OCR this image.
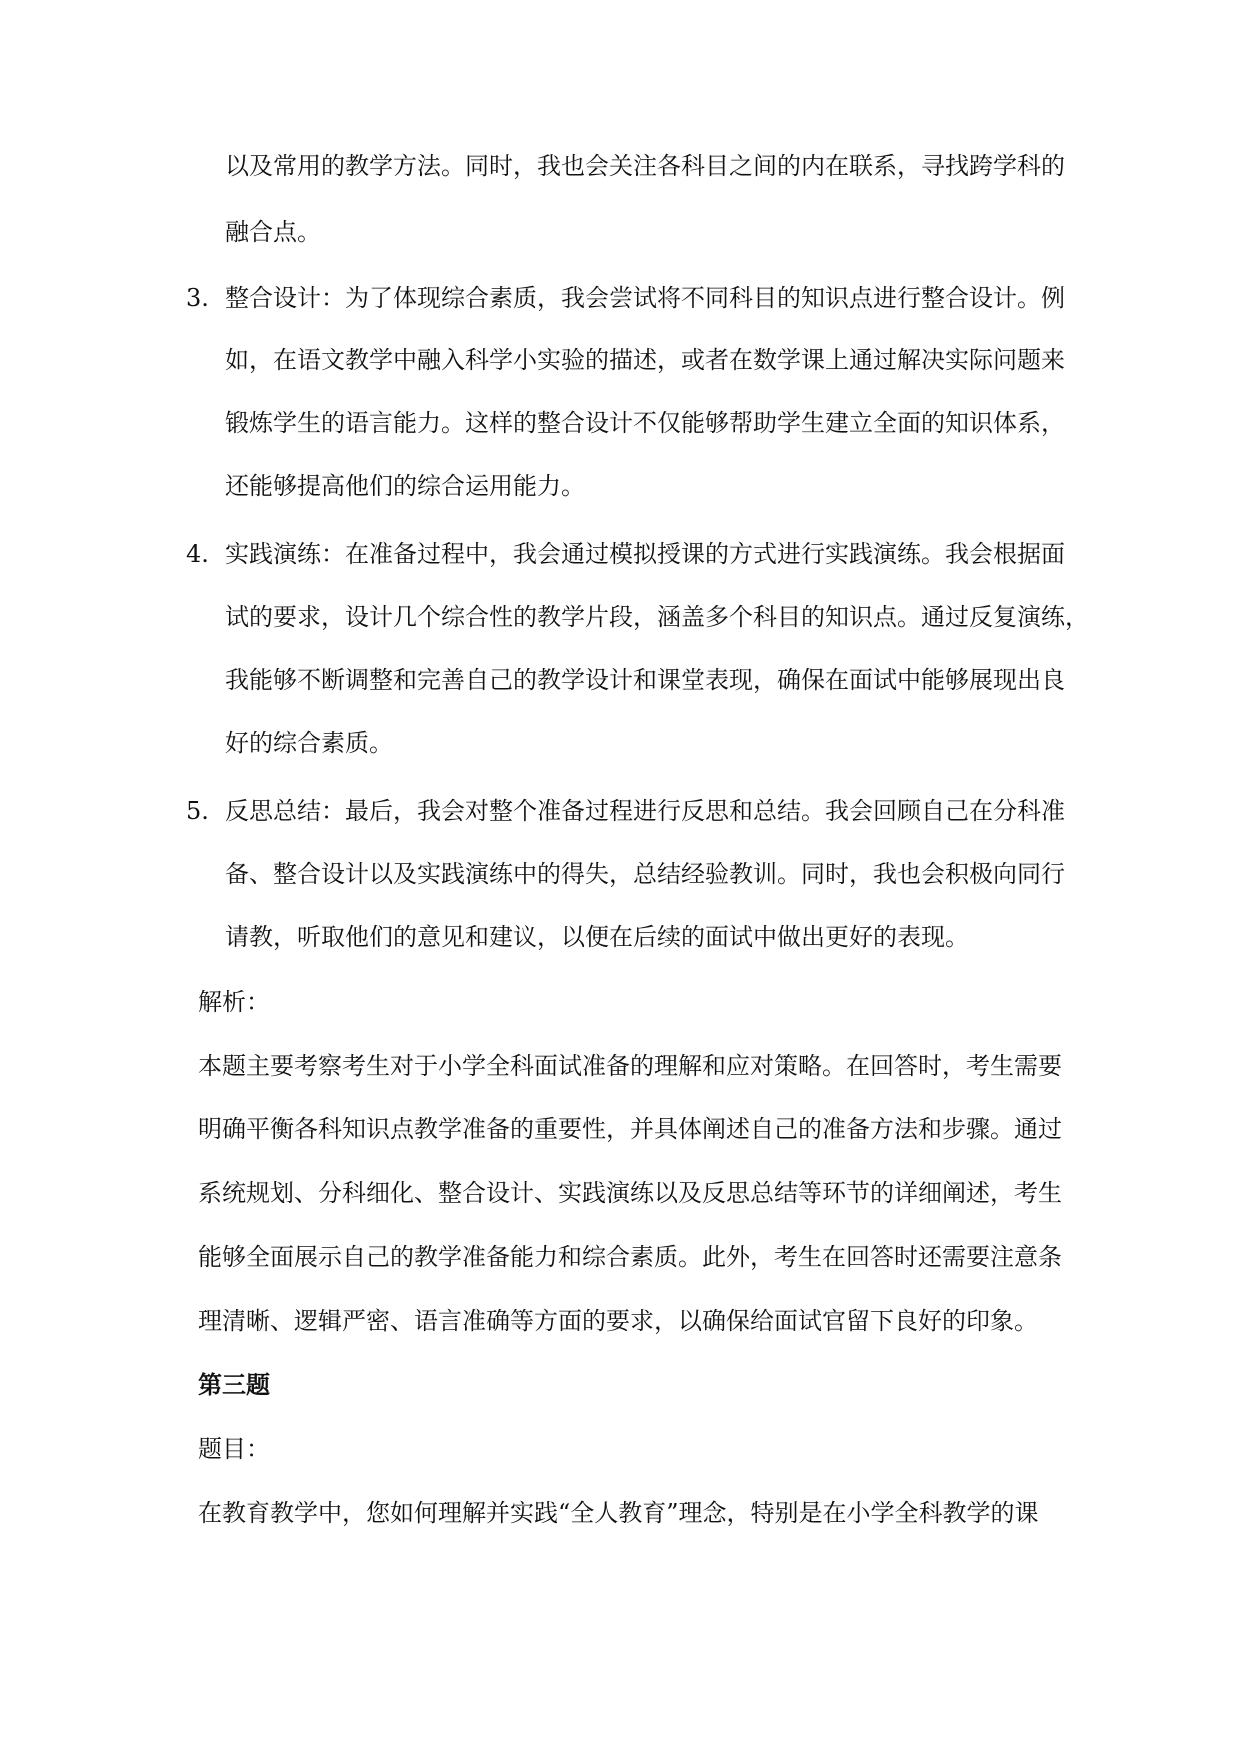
以及常用的教学方法。同时，我也会关注各科目之间的内在联系，寻找跨学科的
融合点。
3. 整合设计：为了体现综合素质，我会尝试将不同科目的知识点进行整合设计。例
如，在语文教学中融入科学小实验的描述，或者在数学课上通过解决实际问题来
锻炼学生的语言能力。这样的整合设计不仅能够帮助学生建立全面的知识体系，
还能够提高他们的综合运用能力。
4. 实践演练：在准备过程中，我会通过模拟授课的方式进行实践演练。我会根据面
试的要求，设计几个综合性的教学片段，涵盖多个科目的知识点。通过反复演练，
我能够不断调整和完善自己的教学设计和课堂表现，确保在面试中能够展现出良
好的综合素质。
5. 反思总结：最后，我会对整个准备过程进行反思和总结。我会回顾自己在分科准
备、整合设计以及实践演练中的得失，总结经验教训。同时，我也会积极向同行
请教，听取他们的意见和建议，以便在后续的面试中做出更好的表现。
解析：
本题主要考察考生对于小学全科面试准备的理解和应对策略。在回答时，考生需要
明确平衡各科知识点教学准备的重要性，并具体阐述自己的准备方法和步骤。通过
系统规划、分科细化、整合设计、实践演练以及反思总结等环节的详细阐述，考生
能够全面展示自己的教学准备能力和综合素质。此外，考生在回答时还需要注意条
理清晰、逻辑严密、语言准确等方面的要求，以确保给面试官留下良好的印象。
第三题
题目：
在教育教学中，您如何理解并实践“全人教育”理念，特别是在小学全科教学的课
